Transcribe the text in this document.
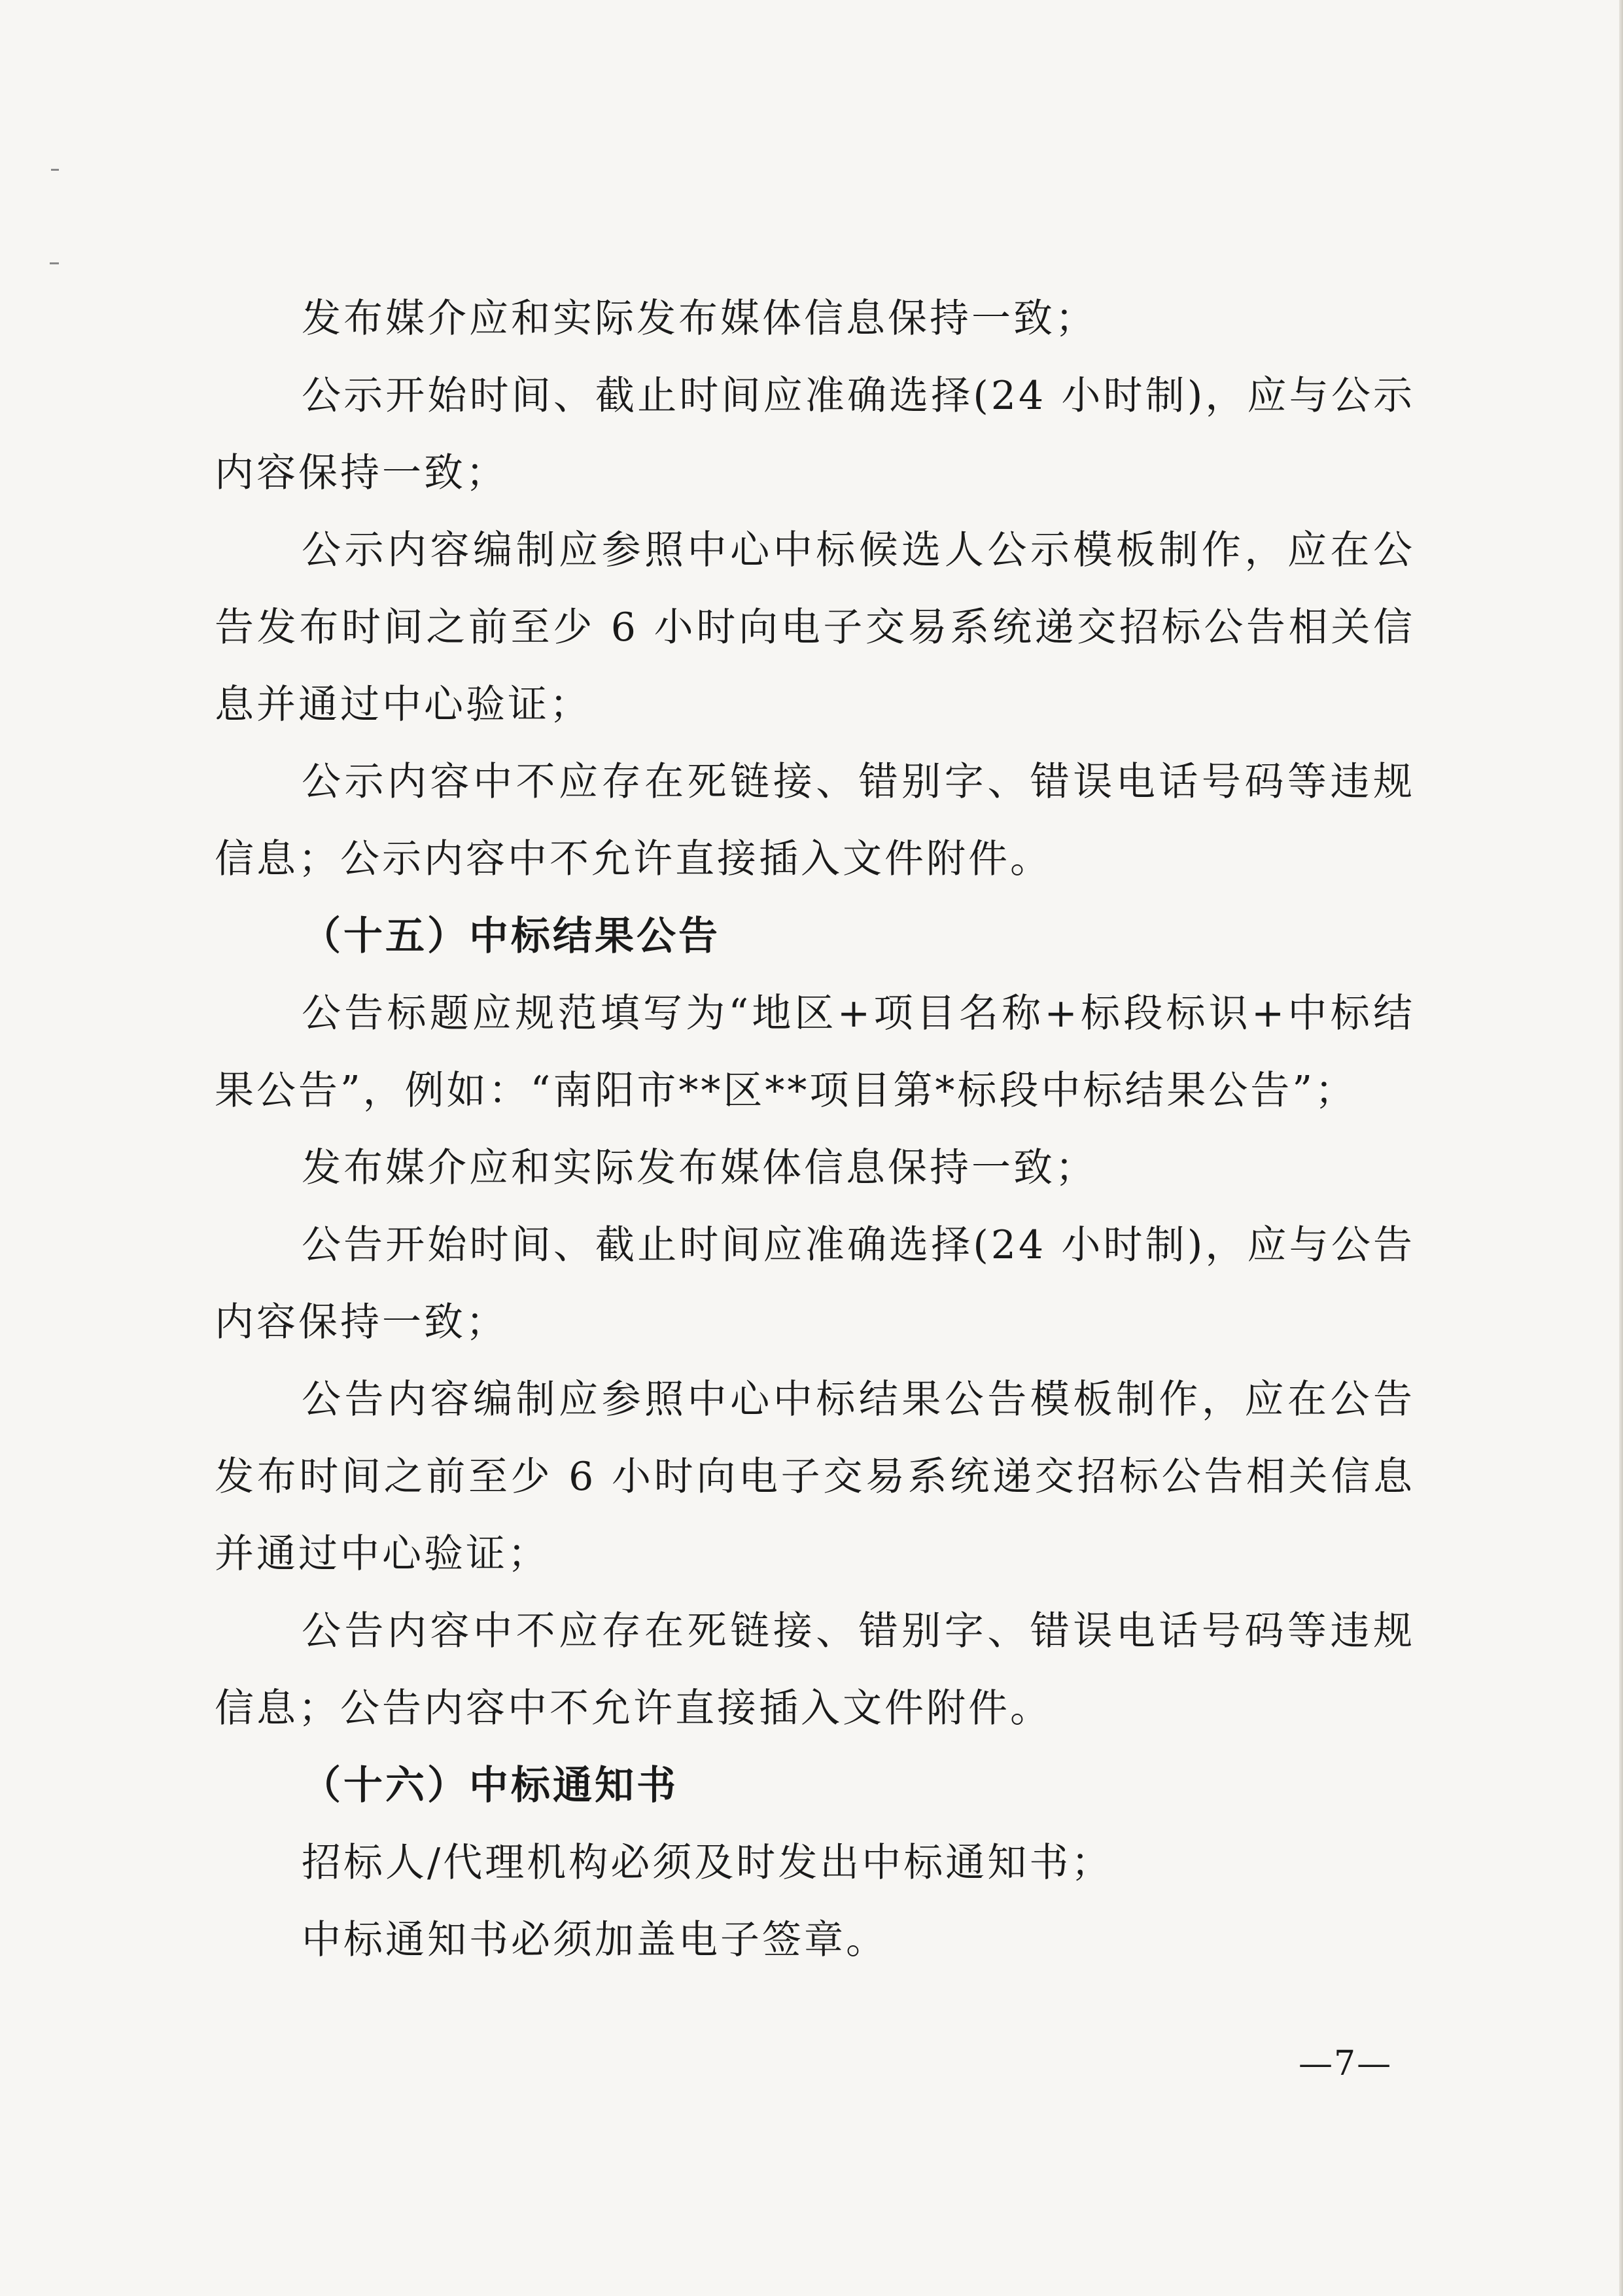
发布媒介应和实际发布媒体信息保持一致；

公示开始时间、截止时间应准确选择(24 小时制)，应与公示内容保持一致；

公示内容编制应参照中心中标候选人公示模板制作，应在公告发布时间之前至少 6 小时向电子交易系统递交招标公告相关信息并通过中心验证；

公示内容中不应存在死链接、错别字、错误电话号码等违规信息；公示内容中不允许直接插入文件附件。

（十五）中标结果公告

公告标题应规范填写为“地区+项目名称+标段标识+中标结果公告”，例如：“南阳市**区**项目第*标段中标结果公告”；

发布媒介应和实际发布媒体信息保持一致；

公告开始时间、截止时间应准确选择(24 小时制)，应与公告内容保持一致；

公告内容编制应参照中心中标结果公告模板制作，应在公告发布时间之前至少 6 小时向电子交易系统递交招标公告相关信息并通过中心验证；

公告内容中不应存在死链接、错别字、错误电话号码等违规信息；公告内容中不允许直接插入文件附件。

（十六）中标通知书

招标人/代理机构必须及时发出中标通知书；

中标通知书必须加盖电子签章。

—7—
